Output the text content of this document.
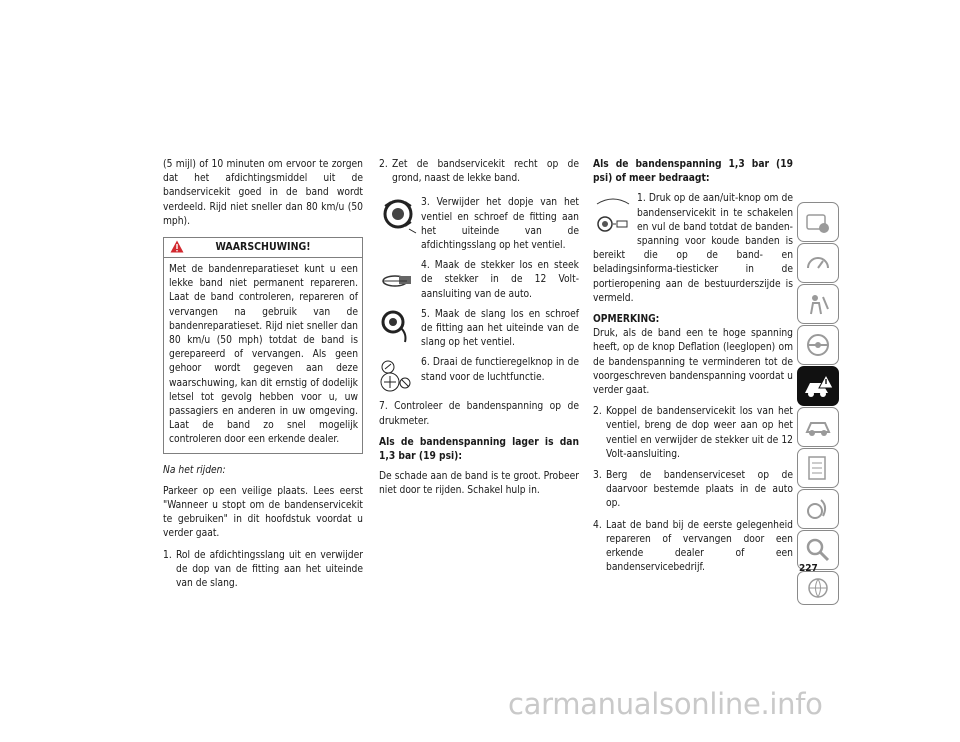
(5 mijl) of 10 minuten om ervoor te zorgen dat het afdichtingsmiddel uit de bandservicekit goed in de band wordt verdeeld. Rijd niet sneller dan 80 km/u (50 mph).

WAARSCHUWING!

Met de bandenreparatieset kunt u een lekke band niet permanent repareren. Laat de band controleren, repareren of vervangen na gebruik van de bandenreparatieset. Rijd niet sneller dan 80 km/u (50 mph) totdat de band is gerepareerd of vervangen. Als geen gehoor wordt gegeven aan deze waarschuwing, kan dit ernstig of dodelijk letsel tot gevolg hebben voor u, uw passagiers en anderen in uw omgeving. Laat de band zo snel mogelijk controleren door een erkende dealer.

Na het rijden:

Parkeer op een veilige plaats. Lees eerst "Wanneer u stopt om de bandenservicekit te gebruiken" in dit hoofdstuk voordat u verder gaat.

1. Rol de afdichtingsslang uit en verwijder de dop van de fitting aan het uiteinde van de slang.
2. Zet de bandservicekit recht op de grond, naast de lekke band.
3. Verwijder het dopje van het ventiel en schroef de fitting aan het uiteinde van de afdichtingsslang op het ventiel.
4. Maak de stekker los en steek de stekker in de 12 Volt-aansluiting van de auto.
5. Maak de slang los en schroef de fitting aan het uiteinde van de slang op het ventiel.
6. Draai de functieregelknop in de stand voor de luchtfunctie.

7. Controleer de bandenspanning op de drukmeter.

Als de bandenspanning lager is dan 1,3 bar (19 psi):

De schade aan de band is te groot. Probeer niet door te rijden. Schakel hulp in.

Als de bandenspanning 1,3 bar (19 psi) of meer bedraagt:

1. Druk op de aan/uit-knop om de bandenservicekit in te schakelen en vul de band totdat de banden-spanning voor koude banden is bereikt die op de band- en beladingsinforma-tiesticker in de portieropening aan de bestuurderszijde is vermeld.

OPMERKING:

Druk, als de band een te hoge spanning heeft, op de knop Deflation (leeglopen) om de bandenspanning te verminderen tot de voorgeschreven bandenspanning voordat u verder gaat.

2. Koppel de bandenservicekit los van het ventiel, breng de dop weer aan op het ventiel en verwijder de stekker uit de 12 Volt-aansluiting.
3. Berg de bandenserviceset op de daarvoor bestemde plaats in de auto op.
4. Laat de band bij de eerste gelegenheid repareren of vervangen door een erkende dealer of een bandenservicebedrijf.	227
carmanualsonline.info
